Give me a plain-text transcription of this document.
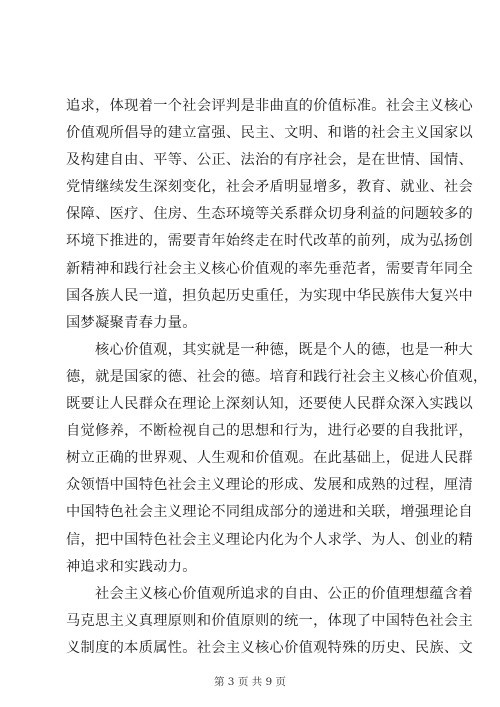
追求，体现着一个社会评判是非曲直的价值标准。社会主义核心
价值观所倡导的建立富强、民主、文明、和谐的社会主义国家以
及构建自由、平等、公正、法治的有序社会，是在世情、国情、
党情继续发生深刻变化，社会矛盾明显增多，教育、就业、社会
保障、医疗、住房、生态环境等关系群众切身利益的问题较多的
环境下推进的，需要青年始终走在时代改革的前列，成为弘扬创
新精神和践行社会主义核心价值观的率先垂范者，需要青年同全
国各族人民一道，担负起历史重任，为实现中华民族伟大复兴中
国梦凝聚青春力量。
核心价值观，其实就是一种德，既是个人的德，也是一种大
德，就是国家的德、社会的德。培育和践行社会主义核心价值观，
既要让人民群众在理论上深刻认知，还要使人民群众深入实践以
自觉修养，不断检视自己的思想和行为，进行必要的自我批评，
树立正确的世界观、人生观和价值观。在此基础上，促进人民群
众领悟中国特色社会主义理论的形成、发展和成熟的过程，厘清
中国特色社会主义理论不同组成部分的递进和关联，增强理论自
信，把中国特色社会主义理论内化为个人求学、为人、创业的精
神追求和实践动力。
社会主义核心价值观所追求的自由、公正的价值理想蕴含着
马克思主义真理原则和价值原则的统一，体现了中国特色社会主
义制度的本质属性。社会主义核心价值观特殊的历史、民族、文
第 3 页 共 9 页
